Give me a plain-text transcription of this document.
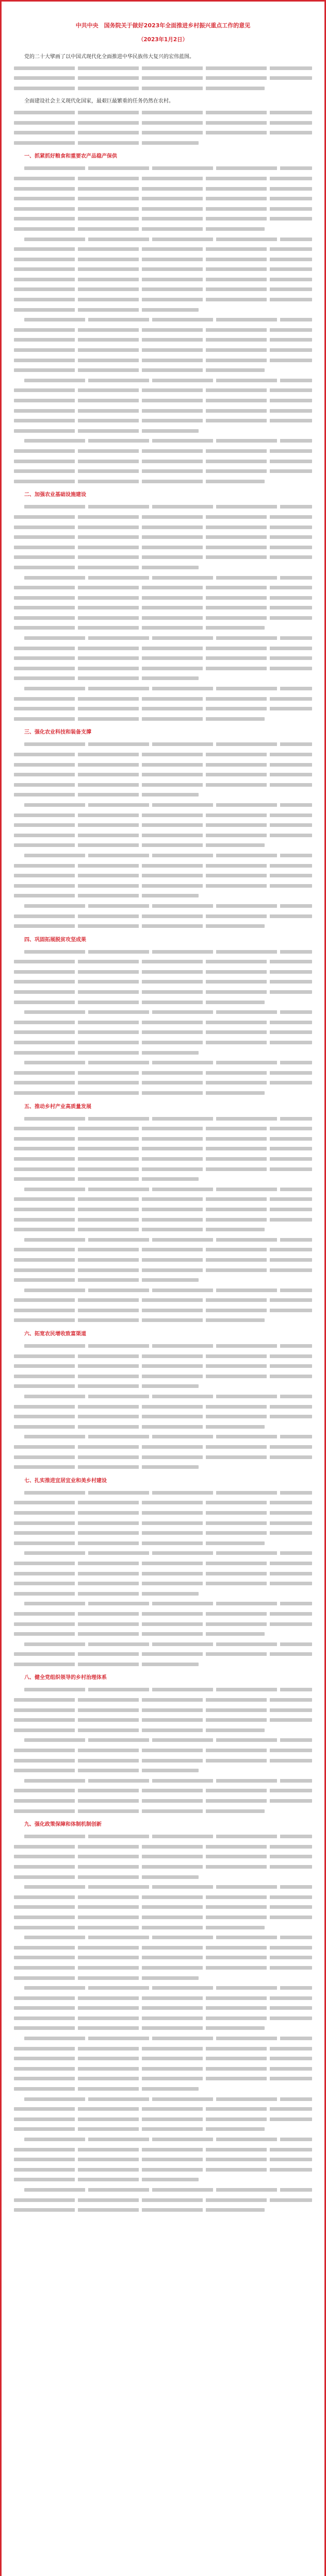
中共中央　国务院关于做好2023年全面推进乡村振兴重点工作的意见
（2023年1月2日）

党的二十大擘画了以中国式现代化全面推进中华民族伟大复兴的宏伟蓝图。

全面建设社会主义现代化国家，最艰巨最繁重的任务仍然在农村。

一、抓紧抓好粮食和重要农产品稳产保供
二、加强农业基础设施建设
三、强化农业科技和装备支撑
四、巩固拓展脱贫攻坚成果
五、推动乡村产业高质量发展
六、拓宽农民增收致富渠道
七、扎实推进宜居宜业和美乡村建设
八、健全党组织领导的乡村治理体系
九、强化政策保障和体制机制创新
